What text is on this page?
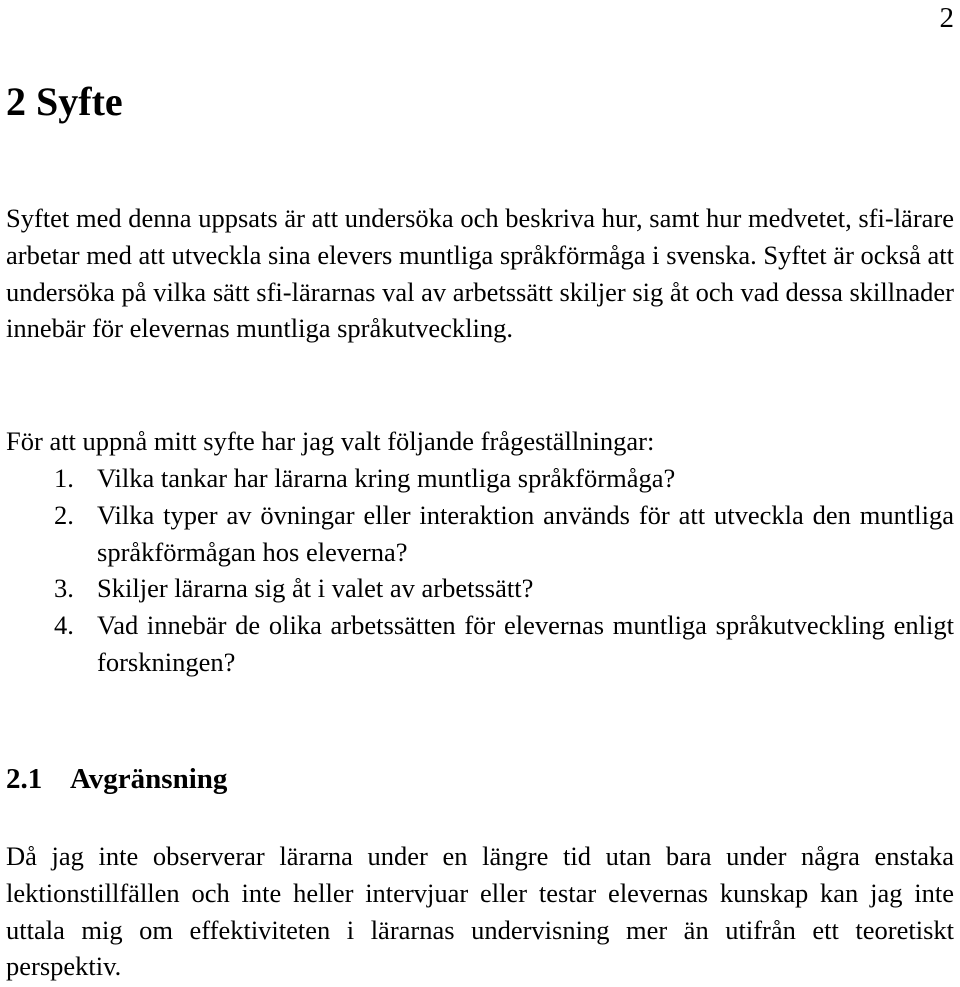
2
2 Syfte

Syftet med denna uppsats är att undersöka och beskriva hur, samt hur medvetet, sfi-lärare arbetar med att utveckla sina elevers muntliga språkförmåga i svenska. Syftet är också att undersöka på vilka sätt sfi-lärarnas val av arbetssätt skiljer sig åt och vad dessa skillnader innebär för elevernas muntliga språkutveckling.

För att uppnå mitt syfte har jag valt följande frågeställningar:

1. Vilka tankar har lärarna kring muntliga språkförmåga?
2. Vilka typer av övningar eller interaktion används för att utveckla den muntliga språkförmågan hos eleverna?
3. Skiljer lärarna sig åt i valet av arbetssätt?
4. Vad innebär de olika arbetssätten för elevernas muntliga språkutveckling enligt forskningen?
2.1 Avgränsning

Då jag inte observerar lärarna under en längre tid utan bara under några enstaka lektionstillfällen och inte heller intervjuar eller testar elevernas kunskap kan jag inte uttala mig om effektiviteten i lärarnas undervisning mer än utifrån ett teoretiskt perspektiv.
